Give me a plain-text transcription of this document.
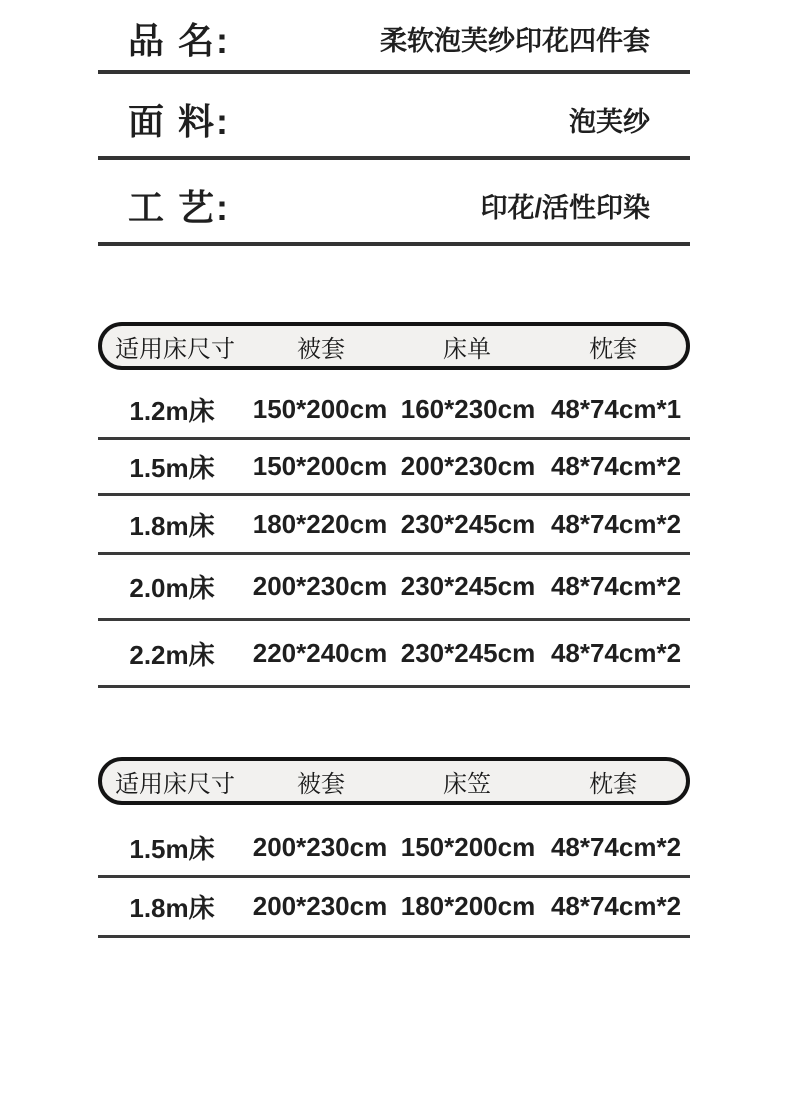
品 名:	柔软泡芙纱印花四件套
面 料:	泡芙纱
工 艺:	印花/活性印染
适用床尺寸	被套	床单	枕套
1.2m床	150*200cm 160*230cm 48*74cm*1
1.5m床	150*200cm 200*230cm 48*74cm*2
1.8m床	180*220cm 230*245cm 48*74cm*2
2.0m床	200*230cm 230*245cm 48*74cm*2
2.2m床	220*240cm 230*245cm 48*74cm*2
适用床尺寸	被套	床笠	枕套
1.5m床	200*230cm 150*200cm 48*74cm*2
1.8m床	200*230cm 180*200cm 48*74cm*2
